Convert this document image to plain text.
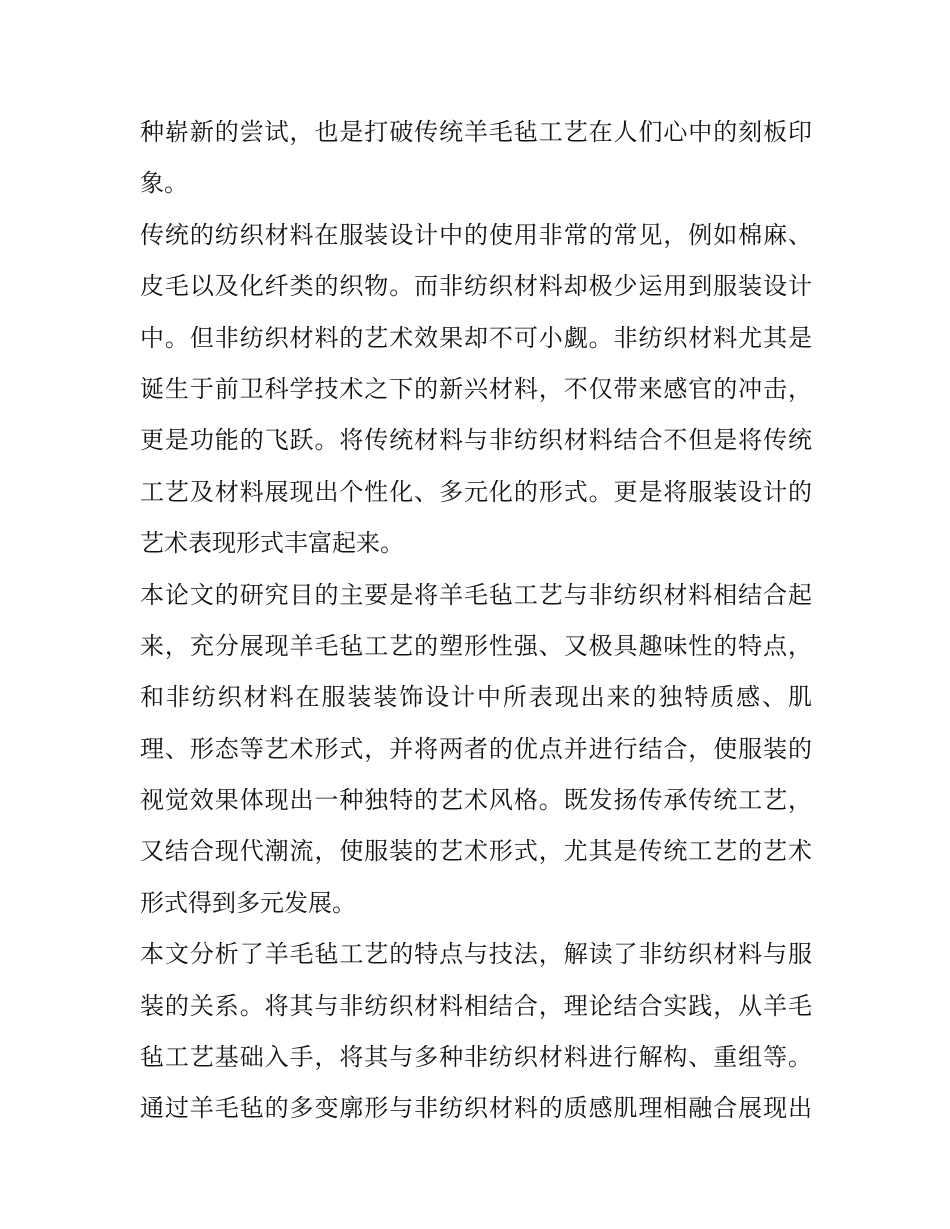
种崭新的尝试，也是打破传统羊毛毡工艺在人们心中的刻板印
象。

传统的纺织材料在服装设计中的使用非常的常见，例如棉麻、
皮毛以及化纤类的织物。而非纺织材料却极少运用到服装设计
中。但非纺织材料的艺术效果却不可小觑。非纺织材料尤其是
诞生于前卫科学技术之下的新兴材料，不仅带来感官的冲击，
更是功能的飞跃。将传统材料与非纺织材料结合不但是将传统
工艺及材料展现出个性化、多元化的形式。更是将服装设计的
艺术表现形式丰富起来。

本论文的研究目的主要是将羊毛毡工艺与非纺织材料相结合起
来，充分展现羊毛毡工艺的塑形性强、又极具趣味性的特点，
和非纺织材料在服装装饰设计中所表现出来的独特质感、肌
理、形态等艺术形式，并将两者的优点并进行结合，使服装的
视觉效果体现出一种独特的艺术风格。既发扬传承传统工艺，
又结合现代潮流，使服装的艺术形式，尤其是传统工艺的艺术
形式得到多元发展。

本文分析了羊毛毡工艺的特点与技法，解读了非纺织材料与服
装的关系。将其与非纺织材料相结合，理论结合实践，从羊毛
毡工艺基础入手，将其与多种非纺织材料进行解构、重组等。
通过羊毛毡的多变廓形与非纺织材料的质感肌理相融合展现出
